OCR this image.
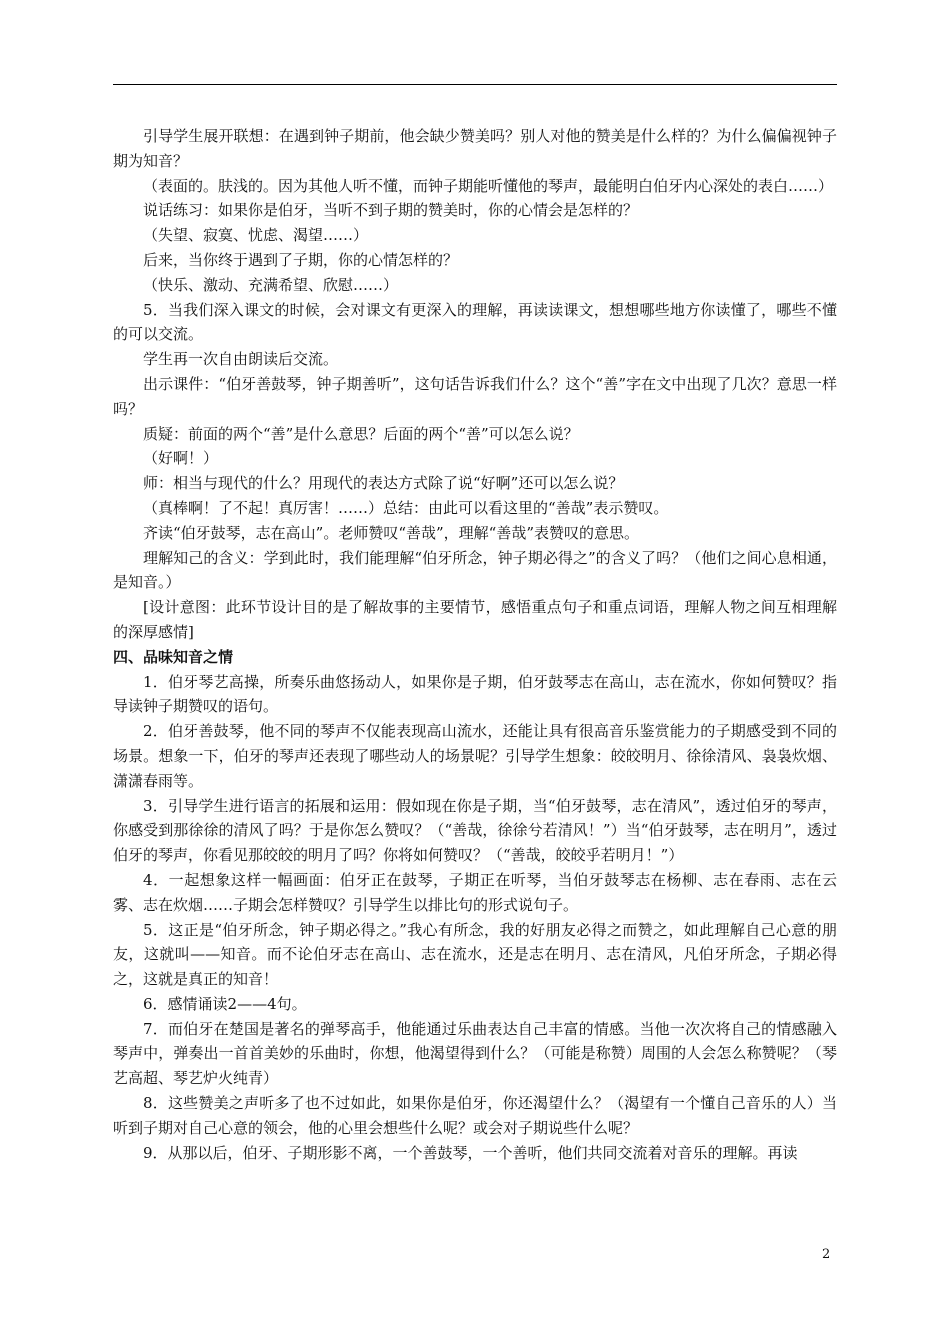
引导学生展开联想：在遇到钟子期前，他会缺少赞美吗？别人对他的赞美是什么样的？为什么偏偏视钟子期为知音？

（表面的。肤浅的。因为其他人听不懂，而钟子期能听懂他的琴声，最能明白伯牙内心深处的表白……）

说话练习：如果你是伯牙，当听不到子期的赞美时，你的心情会是怎样的？

（失望、寂寞、忧虑、渴望……）

后来，当你终于遇到了子期，你的心情怎样的？

（快乐、激动、充满希望、欣慰……）

5．当我们深入课文的时候，会对课文有更深入的理解，再读读课文，想想哪些地方你读懂了，哪些不懂的可以交流。

学生再一次自由朗读后交流。

出示课件：“伯牙善鼓琴，钟子期善听”，这句话告诉我们什么？这个“善”字在文中出现了几次？意思一样吗？

质疑：前面的两个“善”是什么意思？后面的两个“善”可以怎么说？

（好啊！）

师：相当与现代的什么？用现代的表达方式除了说“好啊”还可以怎么说？

（真棒啊！了不起！真厉害！……）总结：由此可以看这里的“善哉”表示赞叹。

齐读“伯牙鼓琴，志在高山”。老师赞叹“善哉”，理解“善哉”表赞叹的意思。

理解知己的含义：学到此时，我们能理解“伯牙所念，钟子期必得之”的含义了吗？（他们之间心息相通，是知音。）

[设计意图：此环节设计目的是了解故事的主要情节，感悟重点句子和重点词语，理解人物之间互相理解的深厚感情]

四、品味知音之情

1．伯牙琴艺高操，所奏乐曲悠扬动人，如果你是子期，伯牙鼓琴志在高山，志在流水，你如何赞叹？指导读钟子期赞叹的语句。

2．伯牙善鼓琴，他不同的琴声不仅能表现高山流水，还能让具有很高音乐鉴赏能力的子期感受到不同的场景。想象一下，伯牙的琴声还表现了哪些动人的场景呢？引导学生想象：皎皎明月、徐徐清风、袅袅炊烟、潇潇春雨等。

3．引导学生进行语言的拓展和运用：假如现在你是子期，当“伯牙鼓琴，志在清风”，透过伯牙的琴声，你感受到那徐徐的清风了吗？于是你怎么赞叹？（“善哉，徐徐兮若清风！”）当“伯牙鼓琴，志在明月”，透过伯牙的琴声，你看见那皎皎的明月了吗？你将如何赞叹？（“善哉，皎皎乎若明月！”）

4．一起想象这样一幅画面：伯牙正在鼓琴，子期正在听琴，当伯牙鼓琴志在杨柳、志在春雨、志在云雾、志在炊烟……子期会怎样赞叹？引导学生以排比句的形式说句子。

5．这正是“伯牙所念，钟子期必得之。”我心有所念，我的好朋友必得之而赞之，如此理解自己心意的朋友，这就叫——知音。而不论伯牙志在高山、志在流水，还是志在明月、志在清风，凡伯牙所念，子期必得之，这就是真正的知音！

6．感情诵读2——4句。

7．而伯牙在楚国是著名的弹琴高手，他能通过乐曲表达自己丰富的情感。当他一次次将自己的情感融入琴声中，弹奏出一首首美妙的乐曲时，你想，他渴望得到什么？（可能是称赞）周围的人会怎么称赞呢？（琴艺高超、琴艺炉火纯青）

8．这些赞美之声听多了也不过如此，如果你是伯牙，你还渴望什么？（渴望有一个懂自己音乐的人）当听到子期对自己心意的领会，他的心里会想些什么呢？或会对子期说些什么呢？

9．从那以后，伯牙、子期形影不离，一个善鼓琴，一个善听，他们共同交流着对音乐的理解。再读

2
